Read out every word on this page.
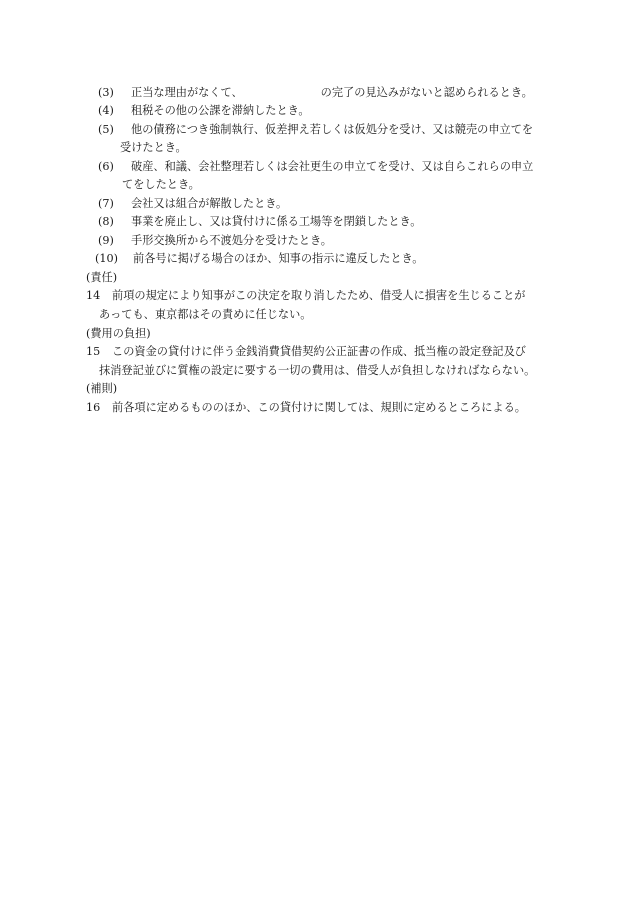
(3) 正当な理由がなくて、	の完了の見込みがないと認められるとき。
(4) 租税その他の公課を滞納したとき。
(5) 他の債務につき強制執行、仮差押え若しくは仮処分を受け、又は競売の申立てを
受けたとき。
(6) 破産、和議、会社整理若しくは会社更生の申立てを受け、又は自らこれらの申立
てをしたとき。
(7) 会社又は組合が解散したとき。
(8) 事業を廃止し、又は貸付けに係る工場等を閉鎖したとき。
(9) 手形交換所から不渡処分を受けたとき。
(10) 前各号に掲げる場合のほか、知事の指示に違反したとき。
(責任)
14 前項の規定により知事がこの決定を取り消したため、借受人に損害を生じることが
あっても、東京都はその責めに任じない。
(費用の負担)
15 この資金の貸付けに伴う金銭消費貸借契約公正証書の作成、抵当権の設定登記及び
抹消登記並びに質権の設定に要する一切の費用は、借受人が負担しなければならない。
(補則)
16 前各項に定めるもののほか、この貸付けに関しては、規則に定めるところによる。
